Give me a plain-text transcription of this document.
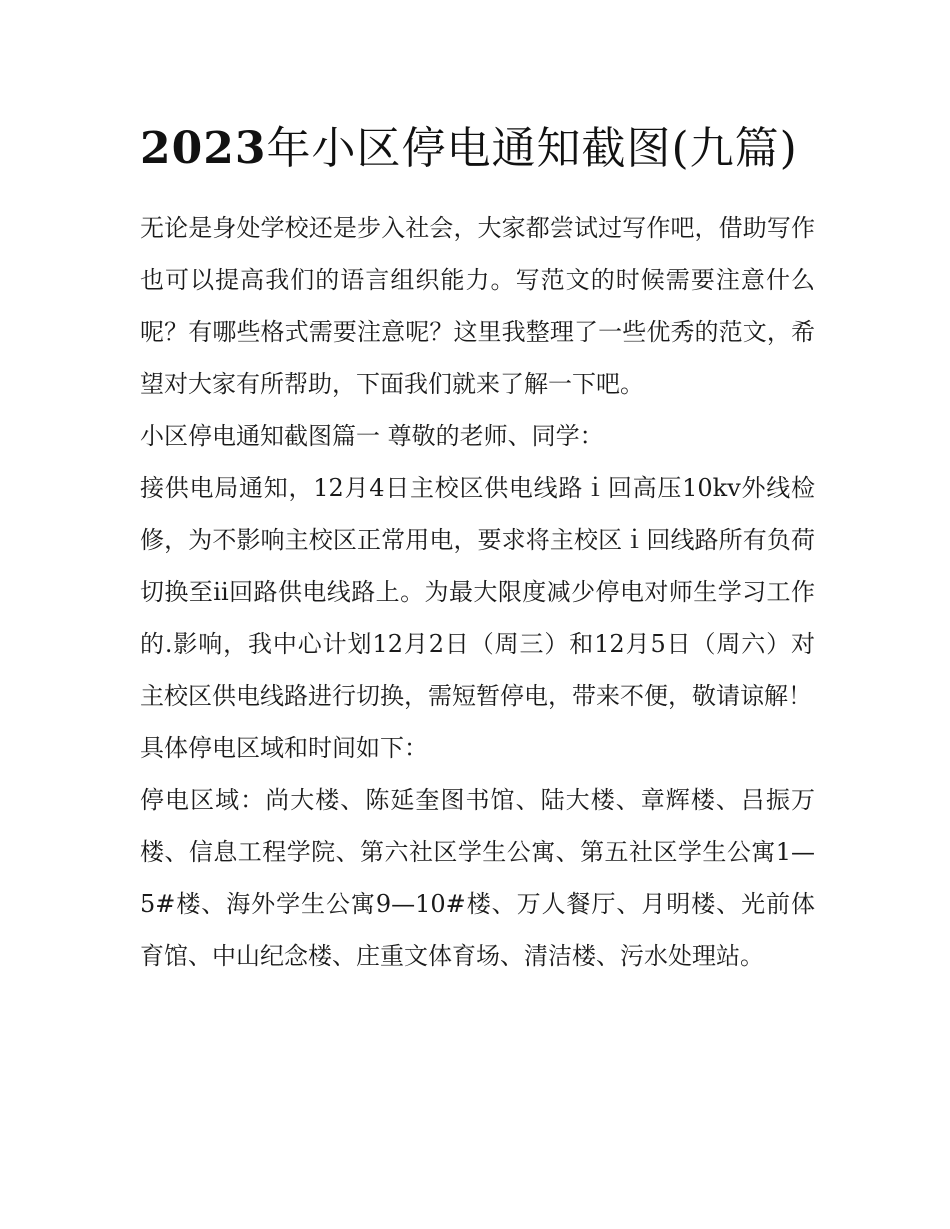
2023年小区停电通知截图(九篇)

无论是身处学校还是步入社会，大家都尝试过写作吧，借助写作也可以提高我们的语言组织能力。写范文的时候需要注意什么呢？有哪些格式需要注意呢？这里我整理了一些优秀的范文，希望对大家有所帮助，下面我们就来了解一下吧。

小区停电通知截图篇一 尊敬的老师、同学：

接供电局通知，12月4日主校区供电线路ｉ回高压10kv外线检修，为不影响主校区正常用电，要求将主校区ｉ回线路所有负荷切换至ii回路供电线路上。为最大限度减少停电对师生学习工作的.影响，我中心计划12月2日（周三）和12月5日（周六）对主校区供电线路进行切换，需短暂停电，带来不便，敬请谅解！

具体停电区域和时间如下：

停电区域：尚大楼、陈延奎图书馆、陆大楼、章辉楼、吕振万楼、信息工程学院、第六社区学生公寓、第五社区学生公寓1—5#楼、海外学生公寓9—10#楼、万人餐厅、月明楼、光前体育馆、中山纪念楼、庄重文体育场、清洁楼、污水处理站。
